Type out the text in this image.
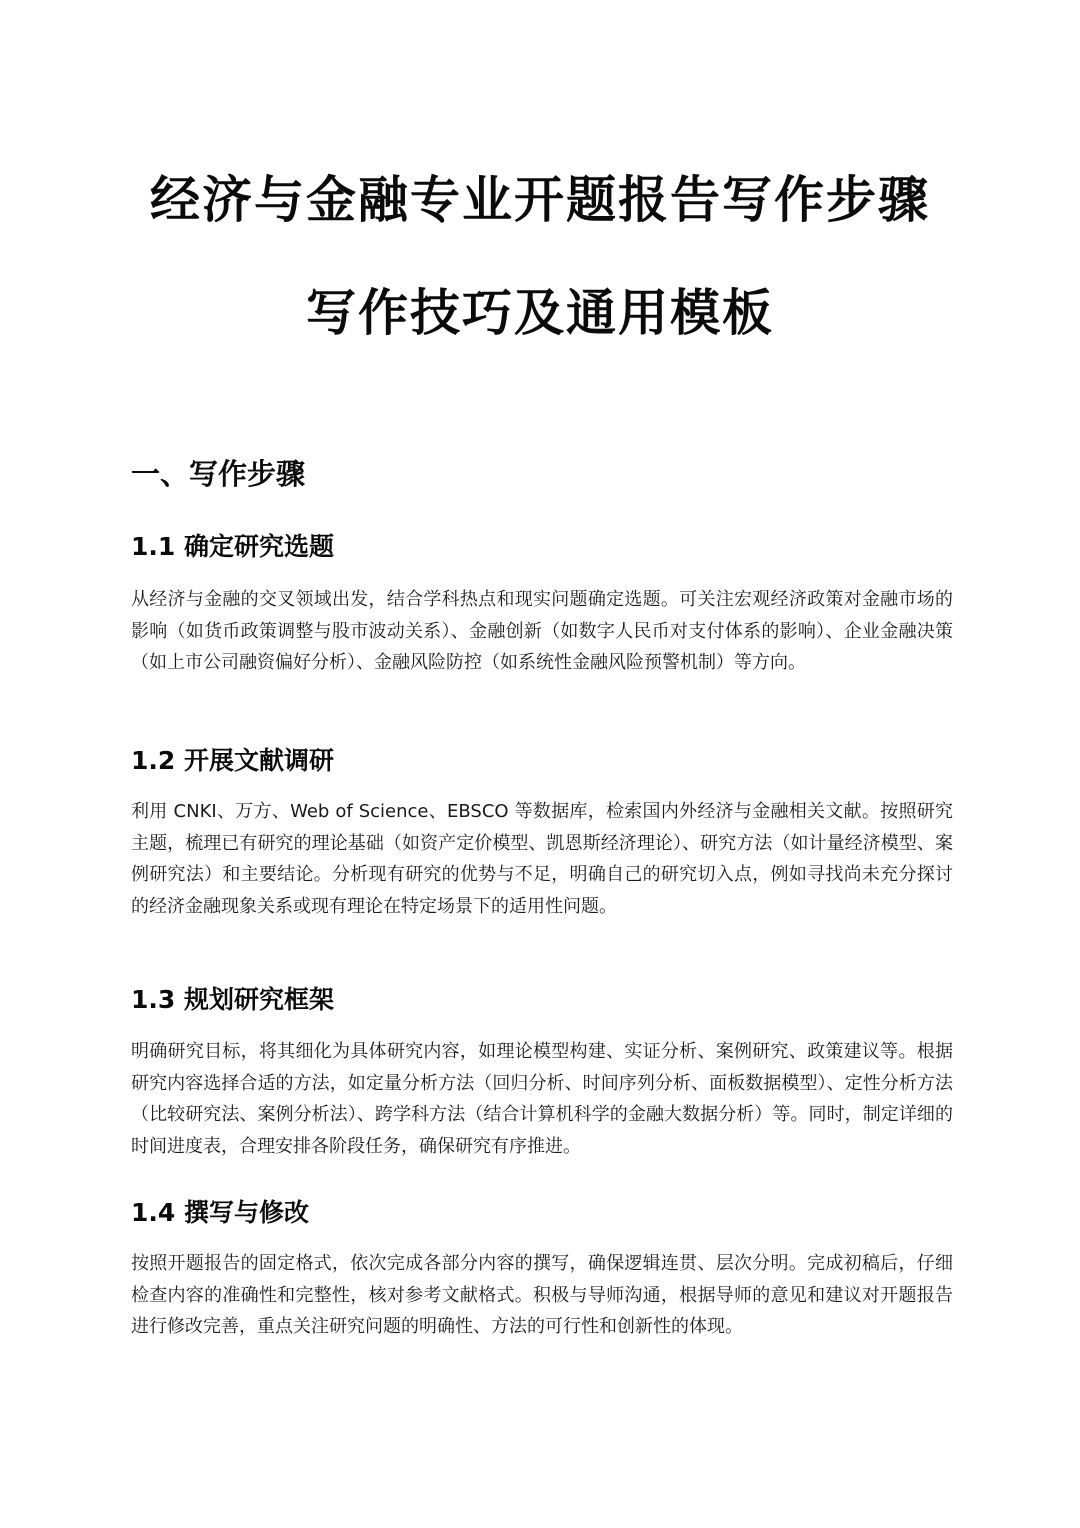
经济与金融专业开题报告写作步骤
写作技巧及通用模板
一、写作步骤
1.1 确定研究选题

从经济与金融的交叉领域出发，结合学科热点和现实问题确定选题。可关注宏观经济政策对金融市场的影响（如货币政策调整与股市波动关系）、金融创新（如数字人民币对支付体系的影响）、企业金融决策（如上市公司融资偏好分析）、金融风险防控（如系统性金融风险预警机制）等方向。

1.2 开展文献调研

利用 CNKI、万方、Web of Science、EBSCO 等数据库，检索国内外经济与金融相关文献。按照研究主题，梳理已有研究的理论基础（如资产定价模型、凯恩斯经济理论）、研究方法（如计量经济模型、案例研究法）和主要结论。分析现有研究的优势与不足，明确自己的研究切入点，例如寻找尚未充分探讨的经济金融现象关系或现有理论在特定场景下的适用性问题。

1.3 规划研究框架

明确研究目标，将其细化为具体研究内容，如理论模型构建、实证分析、案例研究、政策建议等。根据研究内容选择合适的方法，如定量分析方法（回归分析、时间序列分析、面板数据模型）、定性分析方法（比较研究法、案例分析法）、跨学科方法（结合计算机科学的金融大数据分析）等。同时，制定详细的时间进度表，合理安排各阶段任务，确保研究有序推进。

1.4 撰写与修改

按照开题报告的固定格式，依次完成各部分内容的撰写，确保逻辑连贯、层次分明。完成初稿后，仔细检查内容的准确性和完整性，核对参考文献格式。积极与导师沟通，根据导师的意见和建议对开题报告进行修改完善，重点关注研究问题的明确性、方法的可行性和创新性的体现。
